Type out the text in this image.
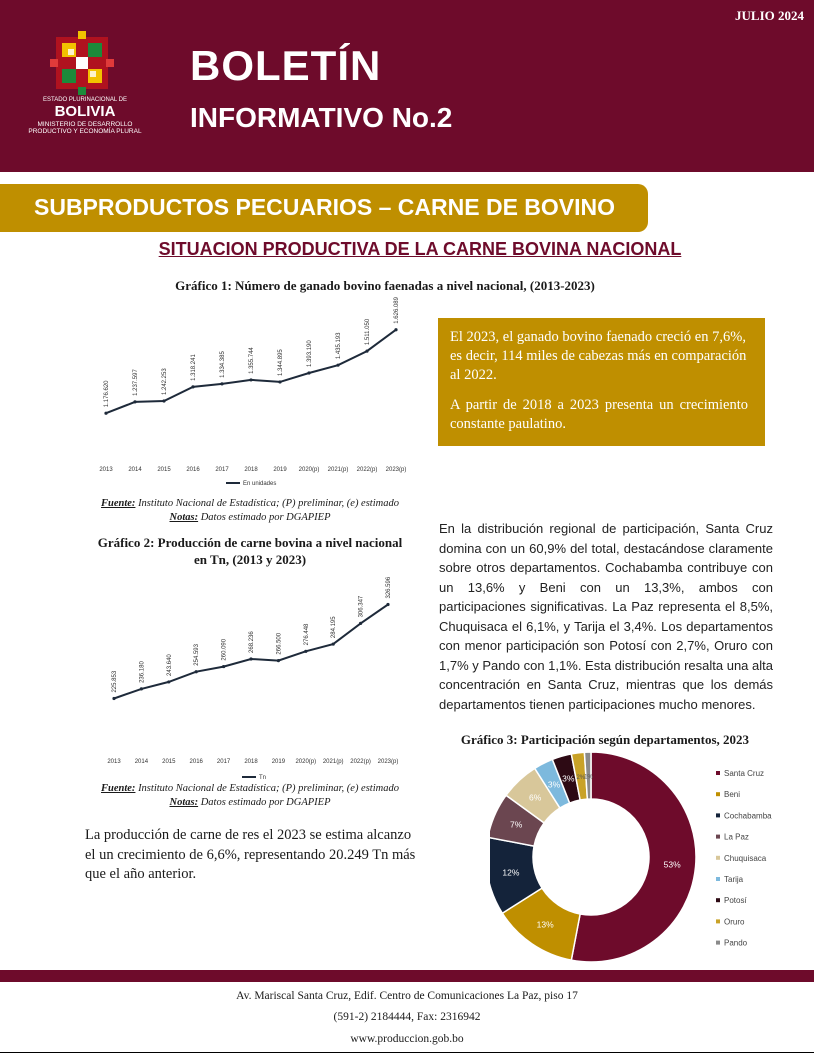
JULIO 2024
ESTADO PLURINACIONAL DE
BOLIVIA
MINISTERIO DE DESARROLLO
PRODUCTIVO Y ECONOMÍA PLURAL
BOLETÍN
INFORMATIVO No.2
SUBPRODUCTOS PECUARIOS – CARNE DE BOVINO
SITUACION PRODUCTIVA DE LA CARNE BOVINA NACIONAL
Gráfico 1: Número de ganado bovino faenadas a nivel nacional, (2013-2023)
1.176.620
2013
1.237.597
2014
1.242.253
2015
1.318.241
2016
1.334.385
2017
1.355.744
2018
1.344.895
2019
1.393.190
2020(p)
1.435.193
2021(p)
1.511.050
2022(p)
1.626.089
2023(p)
En unidades
Fuente: Instituto Nacional de Estadística; (P) preliminar, (e) estimado
Notas: Datos estimado por DGAPIEP
El 2023, el ganado bovino faenado creció en 7,6%, es decir, 114 miles de cabezas más en comparación al 2022.
A partir de 2018 a 2023 presenta un crecimiento constante paulatino.
Gráfico 2: Producción de carne bovina a nivel nacional en Tn, (2013 y 2023)
225.853
2013
236.180
2014
243.640
2015
254.593
2016
260.090
2017
268.236
2018
266.500
2019
276.448
2020(p)
284.195
2021(p)
306.347
2022(p)
326.596
2023(p)
Tn
Fuente: Instituto Nacional de Estadística; (P) preliminar, (e) estimado
Notas: Datos estimado por DGAPIEP
En la distribución regional de participación, Santa Cruz domina con un 60,9% del total, destacándose claramente sobre otros departamentos. Cochabamba contribuye con un 13,6% y Beni con un 13,3%, ambos con participaciones significativas. La Paz representa el 8,5%, Chuquisaca el 6,1%, y Tarija el 3,4%. Los departamentos con menor participación son Potosí con 2,7%, Oruro con 1,7% y Pando con 1,1%. Esta distribución resalta una alta concentración en Santa Cruz, mientras que los demás departamentos tienen participaciones mucho menores.
Gráfico 3: Participación según departamentos, 2023
53%
13%
12%
7%
6%
3%
3% 2%
1%	Santa Cruz
Beni
Cochabamba
La Paz
Chuquisaca
Tarija
Potosí
Oruro
Pando
La producción de carne de res el 2023 se estima alcanzo el un crecimiento de 6,6%, representando 20.249 Tn más que el año anterior.
Av. Mariscal Santa Cruz, Edif. Centro de Comunicaciones La Paz, piso 17
(591-2) 2184444, Fax: 2316942
www.produccion.gob.bo
